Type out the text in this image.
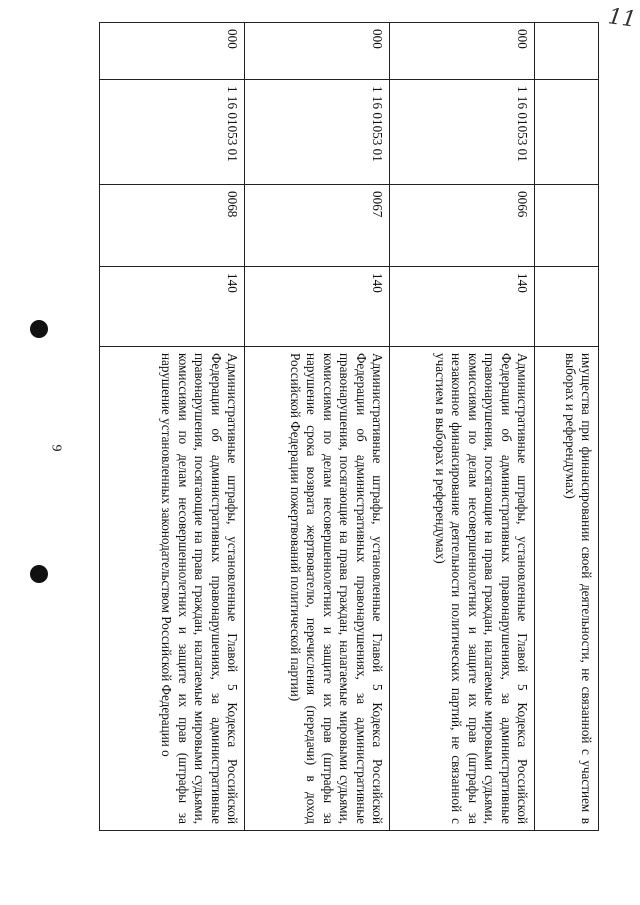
9
11
				имущества при финансировании своей деятельности, не связанной с участием в выборах и референдумах)
000	1 16 01053 01	0066	140	Административные штрафы, установленные Главой 5 Кодекса Российской Федерации об административных правонарушениях, за административные правонарушения, посягающие на права граждан, налагаемые мировыми судьями, комиссиями по делам несовершеннолетних и защите их прав (штрафы за незаконное финансирование деятельности политических партий, не связанной с участием в выборах и референдумах)
000	1 16 01053 01	0067	140	Административные штрафы, установленные Главой 5 Кодекса Российской Федерации об административных правонарушениях, за административные правонарушения, посягающие на права граждан, налагаемые мировыми судьями, комиссиями по делам несовершеннолетних и защите их прав (штрафы за нарушение срока возврата жертвователю, перечисления (передачи) в доход Российской Федерации пожертвований политической партии)
000	1 16 01053 01	0068	140	Административные штрафы, установленные Главой 5 Кодекса Российской Федерации об административных правонарушениях, за административные правонарушения, посягающие на права граждан, налагаемые мировыми судьями, комиссиями по делам несовершеннолетних и защите их прав (штрафы за нарушение установленных законодательством Российской Федерации о
